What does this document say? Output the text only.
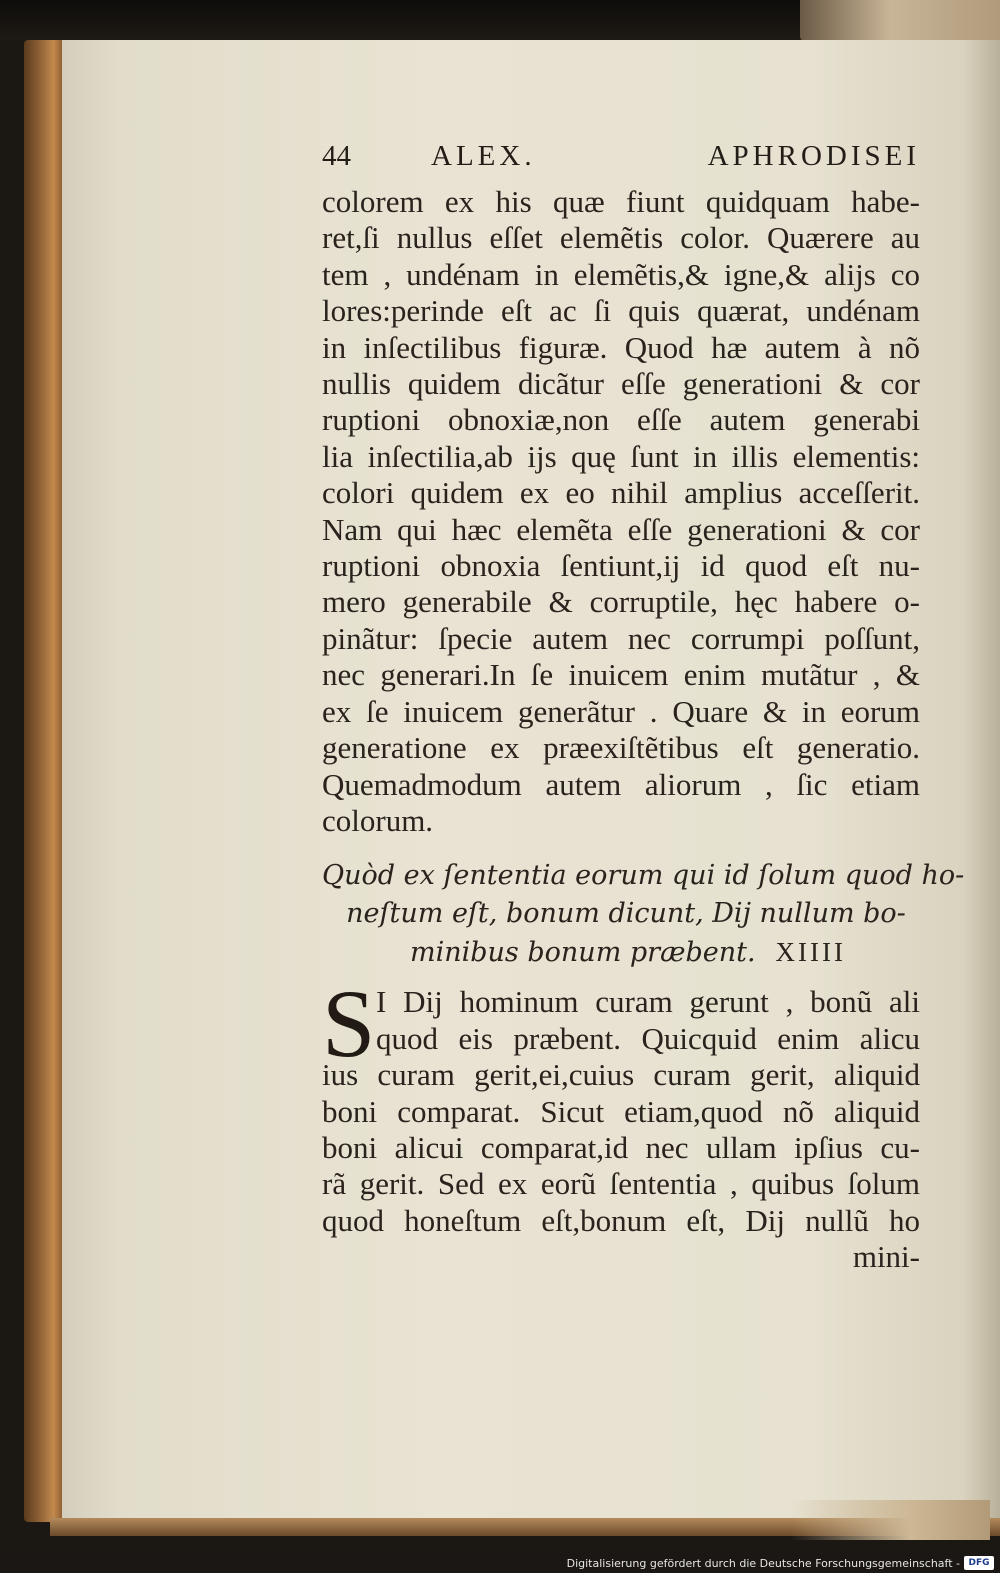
44	ALEX.	APHRODISEI
colorem ex his quæ fiunt quidquam habe-
ret,ſi nullus eſſet elemẽtis color. Quærere au
tem , undénam in elemẽtis,& igne,& alijs co
lores:perinde eſt ac ſi quis quærat, undénam
in inſectilibus figuræ. Quod hæ autem à nõ
nullis quidem dicãtur eſſe generationi & cor
ruptioni obnoxiæ,non eſſe autem generabi
lia inſectilia,ab ijs quę ſunt in illis elementis:
colori quidem ex eo nihil amplius acceſſerit.
Nam qui hæc elemẽta eſſe generationi & cor
ruptioni obnoxia ſentiunt,ij id quod eſt nu-
mero generabile & corruptile, hęc habere o-
pinãtur: ſpecie autem nec corrumpi poſſunt,
nec generari.In ſe inuicem enim mutãtur , &
ex ſe inuicem generãtur . Quare & in eorum
generatione ex præexiſtẽtibus eſt generatio.
Quemadmodum autem aliorum , ſic etiam
colorum.
Quòd ex ſententia eorum qui id ſolum quod ho-
neſtum eſt, bonum dicunt, Dij nullum bo-
minibus bonum præbent. XIIII
S I Dij hominum curam gerunt , bonũ ali
quod eis præbent. Quicquid enim alicu
ius curam gerit,ei,cuius curam gerit, aliquid
boni comparat. Sicut etiam,quod nõ aliquid
boni alicui comparat,id nec ullam ipſius cu-
rã gerit. Sed ex eorũ ſententia , quibus ſolum
quod honeſtum eſt,bonum eſt, Dij nullũ ho
mini-
Digitalisierung gefördert durch die Deutsche Forschungsgemeinschaft - DFG
